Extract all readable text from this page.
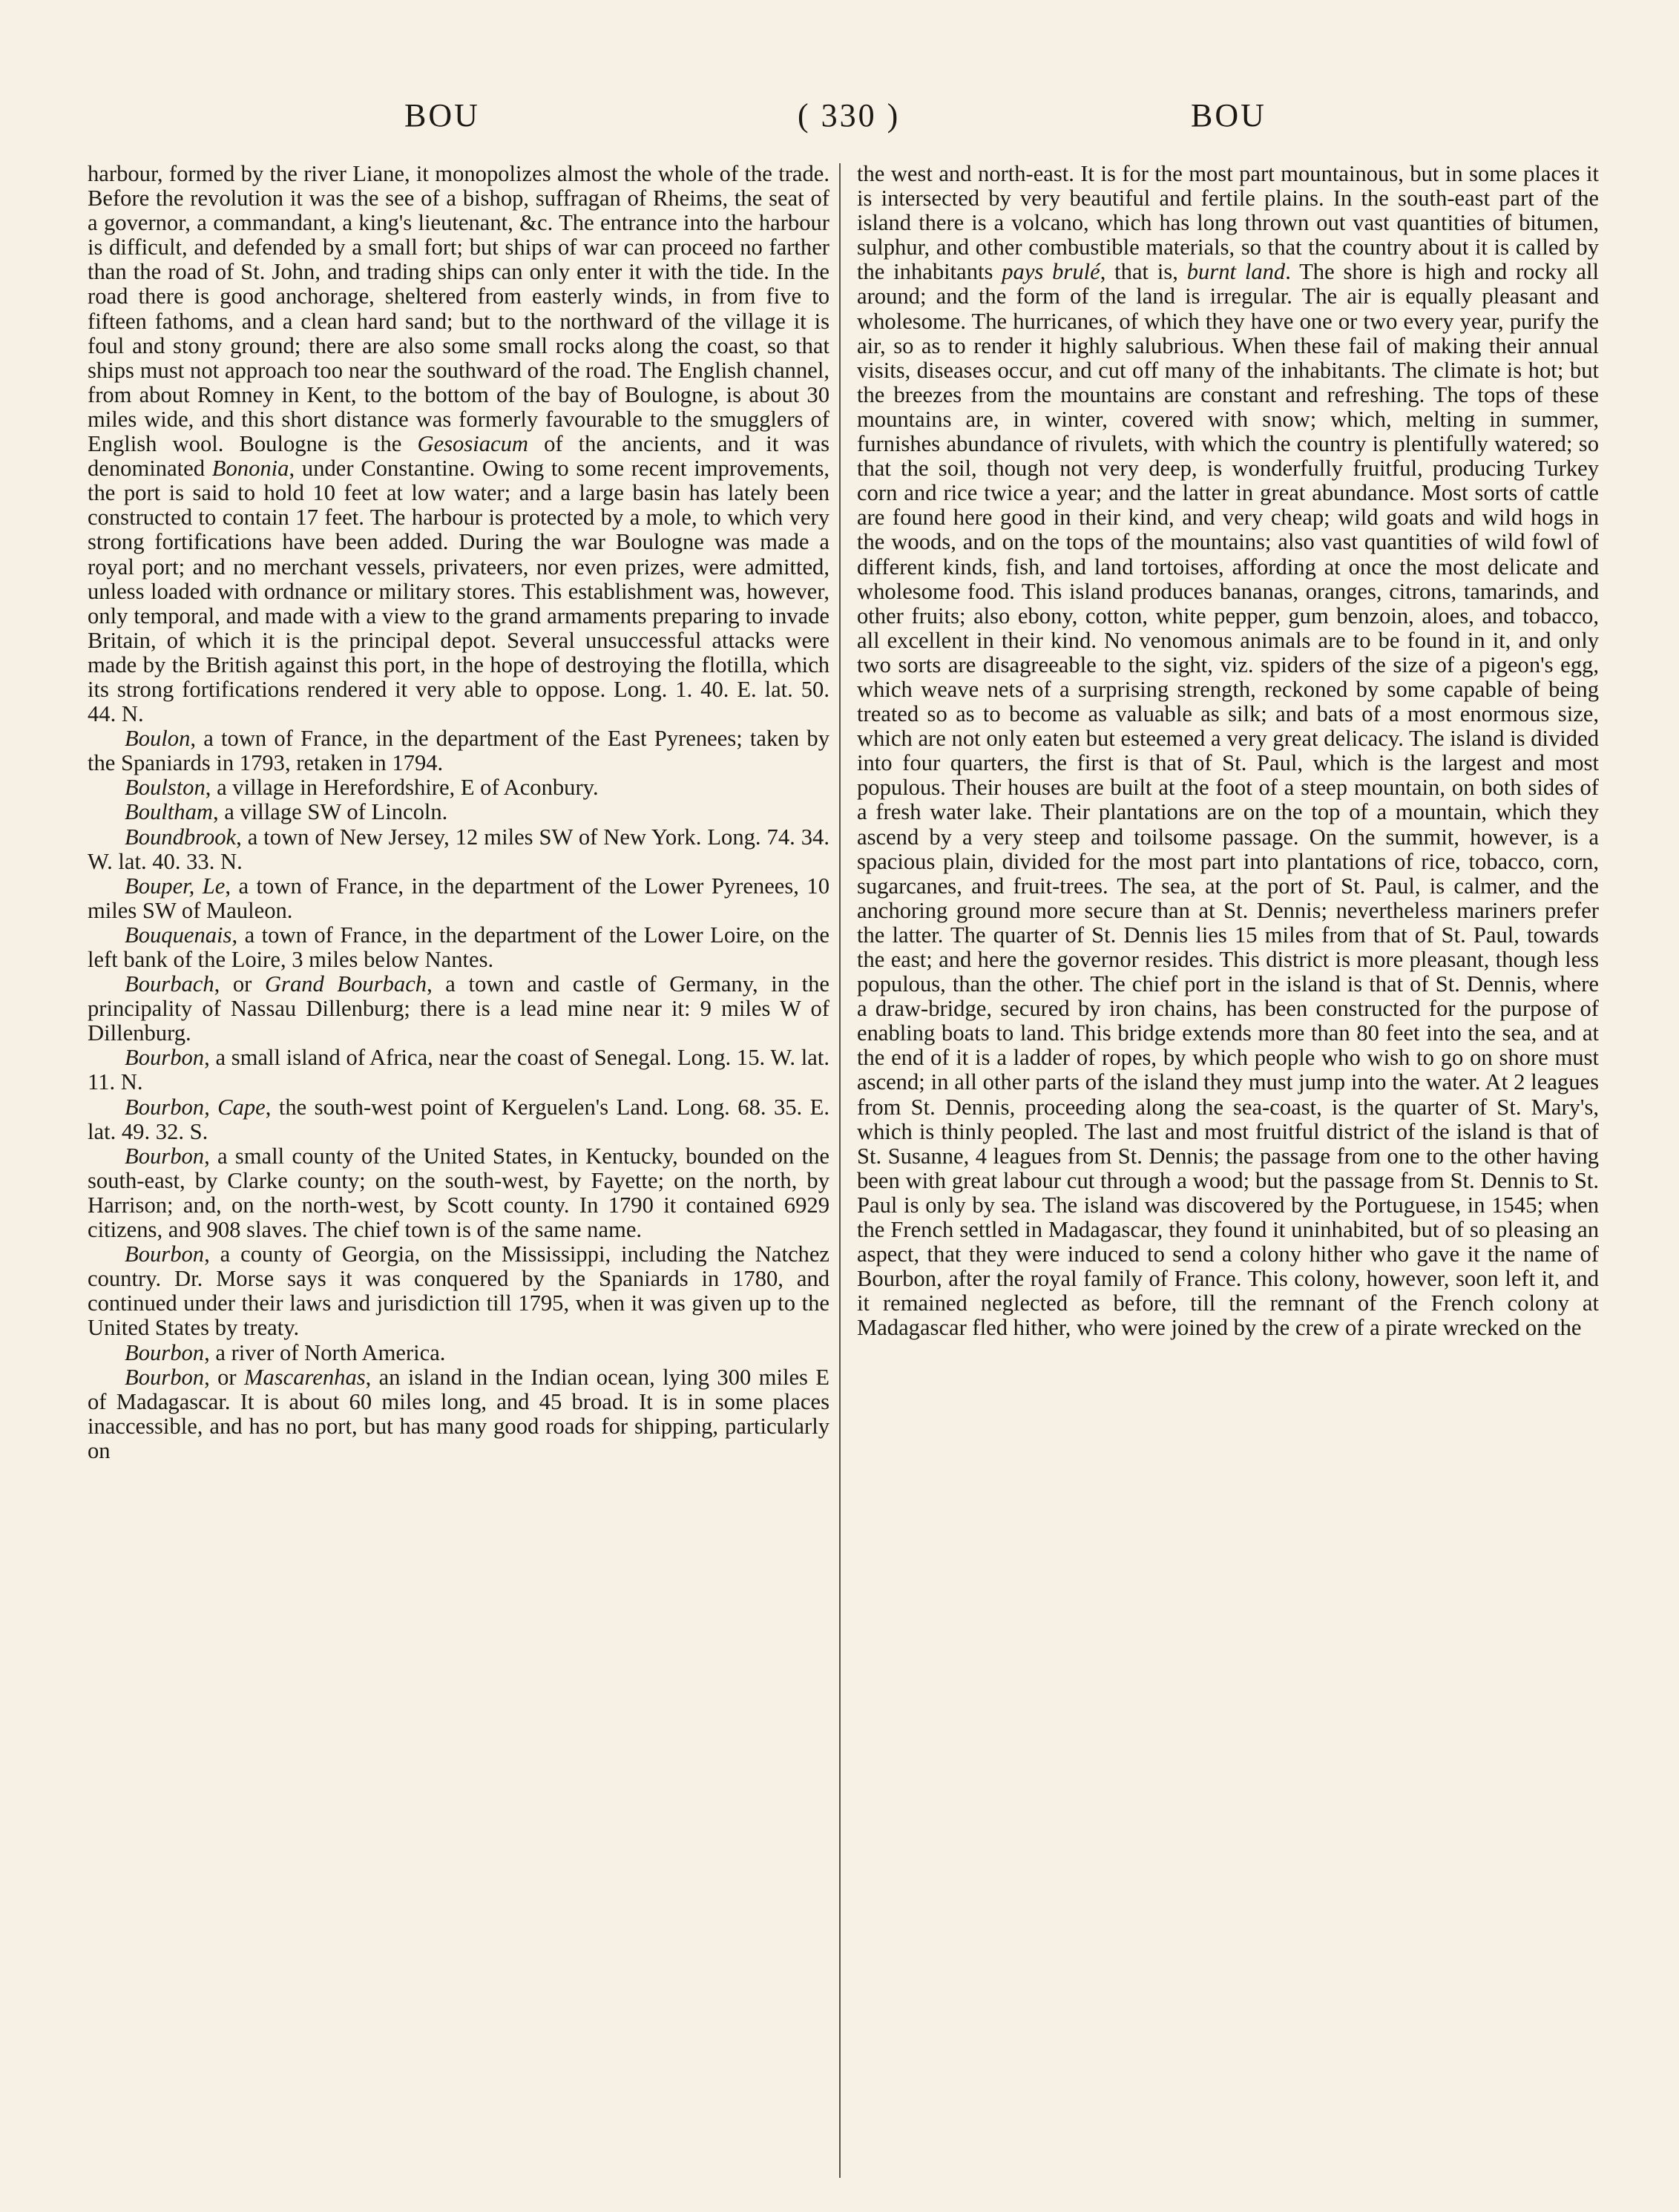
BOU	( 330 )	BOU

harbour, formed by the river Liane, it monopolizes almost the whole of the trade. Before the revolution it was the see of a bishop, suffragan of Rheims, the seat of a governor, a commandant, a king's lieutenant, &c. The entrance into the harbour is difficult, and defended by a small fort; but ships of war can proceed no farther than the road of St. John, and trading ships can only enter it with the tide. In the road there is good anchorage, sheltered from easterly winds, in from five to fifteen fathoms, and a clean hard sand; but to the northward of the village it is foul and stony ground; there are also some small rocks along the coast, so that ships must not approach too near the southward of the road. The English channel, from about Romney in Kent, to the bottom of the bay of Boulogne, is about 30 miles wide, and this short distance was formerly favourable to the smugglers of English wool. Boulogne is the Gesosiacum of the ancients, and it was denominated Bononia, under Constantine. Owing to some recent improvements, the port is said to hold 10 feet at low water; and a large basin has lately been constructed to contain 17 feet. The harbour is protected by a mole, to which very strong fortifications have been added. During the war Boulogne was made a royal port; and no merchant vessels, privateers, nor even prizes, were admitted, unless loaded with ordnance or military stores. This establishment was, however, only temporal, and made with a view to the grand armaments preparing to invade Britain, of which it is the principal depot. Several unsuccessful attacks were made by the British against this port, in the hope of destroying the flotilla, which its strong fortifications rendered it very able to oppose. Long. 1. 40. E. lat. 50. 44. N.

Boulon, a town of France, in the department of the East Pyrenees; taken by the Spaniards in 1793, retaken in 1794.

Boulston, a village in Herefordshire, E of Aconbury.

Boultham, a village SW of Lincoln.

Boundbrook, a town of New Jersey, 12 miles SW of New York. Long. 74. 34. W. lat. 40. 33. N.

Bouper, Le, a town of France, in the department of the Lower Pyrenees, 10 miles SW of Mauleon.

Bouquenais, a town of France, in the department of the Lower Loire, on the left bank of the Loire, 3 miles below Nantes.

Bourbach, or Grand Bourbach, a town and castle of Germany, in the principality of Nassau Dillenburg; there is a lead mine near it: 9 miles W of Dillenburg.

Bourbon, a small island of Africa, near the coast of Senegal. Long. 15. W. lat. 11. N.

Bourbon, Cape, the south-west point of Kerguelen's Land. Long. 68. 35. E. lat. 49. 32. S.

Bourbon, a small county of the United States, in Kentucky, bounded on the south-east, by Clarke county; on the south-west, by Fayette; on the north, by Harrison; and, on the north-west, by Scott county. In 1790 it contained 6929 citizens, and 908 slaves. The chief town is of the same name.

Bourbon, a county of Georgia, on the Mississippi, including the Natchez country. Dr. Morse says it was conquered by the Spaniards in 1780, and continued under their laws and jurisdiction till 1795, when it was given up to the United States by treaty.

Bourbon, a river of North America.

Bourbon, or Mascarenhas, an island in the Indian ocean, lying 300 miles E of Madagascar. It is about 60 miles long, and 45 broad. It is in some places inaccessible, and has no port, but has many good roads for shipping, particularly on

the west and north-east. It is for the most part mountainous, but in some places it is intersected by very beautiful and fertile plains. In the south-east part of the island there is a volcano, which has long thrown out vast quantities of bitumen, sulphur, and other combustible materials, so that the country about it is called by the inhabitants pays brulé, that is, burnt land. The shore is high and rocky all around; and the form of the land is irregular. The air is equally pleasant and wholesome. The hurricanes, of which they have one or two every year, purify the air, so as to render it highly salubrious. When these fail of making their annual visits, diseases occur, and cut off many of the inhabitants. The climate is hot; but the breezes from the mountains are constant and refreshing. The tops of these mountains are, in winter, covered with snow; which, melting in summer, furnishes abundance of rivulets, with which the country is plentifully watered; so that the soil, though not very deep, is wonderfully fruitful, producing Turkey corn and rice twice a year; and the latter in great abundance. Most sorts of cattle are found here good in their kind, and very cheap; wild goats and wild hogs in the woods, and on the tops of the mountains; also vast quantities of wild fowl of different kinds, fish, and land tortoises, affording at once the most delicate and wholesome food. This island produces bananas, oranges, citrons, tamarinds, and other fruits; also ebony, cotton, white pepper, gum benzoin, aloes, and tobacco, all excellent in their kind. No venomous animals are to be found in it, and only two sorts are disagreeable to the sight, viz. spiders of the size of a pigeon's egg, which weave nets of a surprising strength, reckoned by some capable of being treated so as to become as valuable as silk; and bats of a most enormous size, which are not only eaten but esteemed a very great delicacy. The island is divided into four quarters, the first is that of St. Paul, which is the largest and most populous. Their houses are built at the foot of a steep mountain, on both sides of a fresh water lake. Their plantations are on the top of a mountain, which they ascend by a very steep and toilsome passage. On the summit, however, is a spacious plain, divided for the most part into plantations of rice, tobacco, corn, sugarcanes, and fruit-trees. The sea, at the port of St. Paul, is calmer, and the anchoring ground more secure than at St. Dennis; nevertheless mariners prefer the latter. The quarter of St. Dennis lies 15 miles from that of St. Paul, towards the east; and here the governor resides. This district is more pleasant, though less populous, than the other. The chief port in the island is that of St. Dennis, where a draw-bridge, secured by iron chains, has been constructed for the purpose of enabling boats to land. This bridge extends more than 80 feet into the sea, and at the end of it is a ladder of ropes, by which people who wish to go on shore must ascend; in all other parts of the island they must jump into the water. At 2 leagues from St. Dennis, proceeding along the sea-coast, is the quarter of St. Mary's, which is thinly peopled. The last and most fruitful district of the island is that of St. Susanne, 4 leagues from St. Dennis; the passage from one to the other having been with great labour cut through a wood; but the passage from St. Dennis to St. Paul is only by sea. The island was discovered by the Portuguese, in 1545; when the French settled in Madagascar, they found it uninhabited, but of so pleasing an aspect, that they were induced to send a colony hither who gave it the name of Bourbon, after the royal family of France. This colony, however, soon left it, and it remained neglected as before, till the remnant of the French colony at Madagascar fled hither, who were joined by the crew of a pirate wrecked on the
